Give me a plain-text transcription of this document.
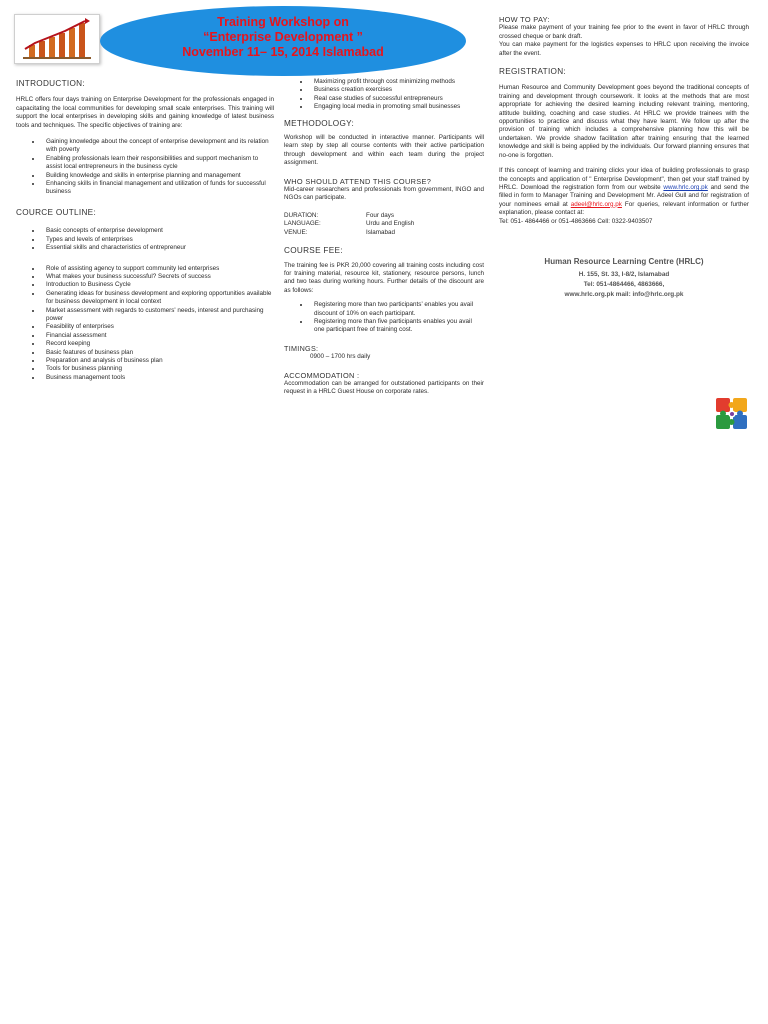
Training Workshop on
“Enterprise Development ”
November 11– 15, 2014 Islamabad
INTRODUCTION:

HRLC offers four days training on Enterprise Development for the professionals engaged in capacitating the local communities for developing small scale enterprises. This training will support the local enterprises in developing skills and gaining knowledge of latest business tools and techniques. The specific objectives of training are:

• Gaining knowledge about the concept of enterprise development and its relation with poverty
• Enabling professionals learn their responsibilities and support mechanism to assist local entrepreneurs in the business cycle
• Building knowledge and skills in enterprise planning and management
• Enhancing skills in financial management and utilization of funds for successful business
COURCE OUTLINE:
• Basic concepts of enterprise development
• Types and levels of enterprises
• Essential skills and characteristics of entrepreneur
• Role of assisting agency to support community led enterprises
• What makes your business successful? Secrets of success
• Introduction to Business Cycle
• Generating ideas for business development and exploring opportunities available for business development in local context
• Market assessment with regards to customers' needs, interest and purchasing power
• Feasibility of enterprises
• Financial assessment
• Record keeping
• Basic features of business plan
• Preparation and analysis of business plan
• Tools for business planning
• Business management tools
• Maximizing profit through cost minimizing methods
• Business creation exercises
• Real case studies of successful entrepreneurs
• Engaging local media in promoting small businesses
METHODOLOGY:

Workshop will be conducted in interactive manner. Participants will learn step by step all course contents with their active participation through development and within each team during the project assignment.

WHO SHOULD ATTEND THIS COURSE?

Mid-career researchers and professionals from government, INGO and NGOs can participate.

DURATION:	Four days
LANGUAGE:	Urdu and English
VENUE:	Islamabad
COURSE FEE:

The training fee is PKR 20,000 covering all training costs including cost for training material, resource kit, stationery, resource persons, lunch and two teas during working hours. Further details of the discount are as follows:

• Registering more than two participants' enables you avail discount of 10% on each participant.
• Registering more than five participants enables you avail one participant free of training cost.
TIMINGS:

0900 – 1700 hrs daily

ACCOMMODATION :

Accommodation can be arranged for outstationed participants on their request in a HRLC Guest House on corporate rates.

HOW TO PAY:

Please make payment of your training fee prior to the event in favor of HRLC through crossed cheque or bank draft.

You can make payment for the logistics expenses to HRLC upon receiving the invoice after the event.

REGISTRATION:

Human Resource and Community Development goes beyond the traditional concepts of training and development through coursework. It looks at the methods that are most appropriate for achieving the desired learning including relevant training, mentoring, attitude building, coaching and case studies. At HRLC we provide trainees with the opportunities to practice and discuss what they have learnt. We follow up after the provision of training which includes a comprehensive planning how this will be undertaken. We provide shadow facilitation after training ensuring that the learned knowledge and skill is being applied by the individuals. Our forward planning ensures that no-one is forgotten.

If this concept of learning and training clicks your idea of building professionals to grasp the concepts and application of " Enterprise Development", then get your staff trained by HRLC. Download the registration form from our website www.hrlc.org.pk and send the filled in form to Manager Training and Development Mr. Adeel Gull and for registration of your nominees email at adeel@hrlc.org.pk For queries, relevant information or further explanation, please contact at:

Tel: 051- 4864466 or 051-4863666 Cell: 0322-9403507

Human Resource Learning Centre (HRLC)
H. 155, St. 33, I-8/2, Islamabad
Tel: 051-4864466, 4863666,
www.hrlc.org.pk mail: info@hrlc.org.pk
